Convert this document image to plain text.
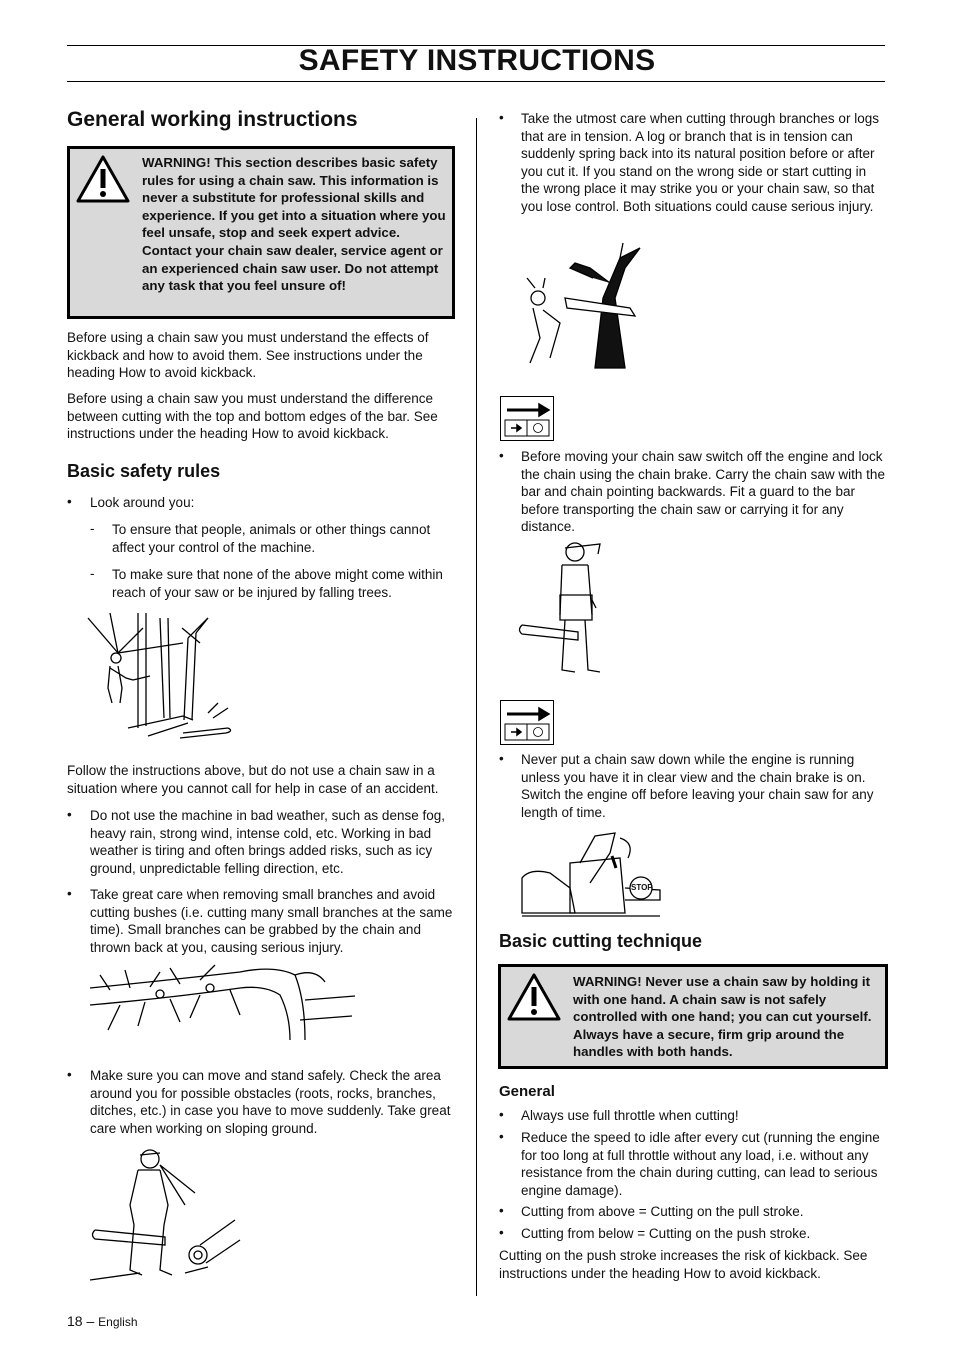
SAFETY INSTRUCTIONS
General working instructions
WARNING! This section describes basic safety rules for using a chain saw. This information is never a substitute for professional skills and experience. If you get into a situation where you feel unsafe, stop and seek expert advice. Contact your chain saw dealer, service agent or an experienced chain saw user. Do not attempt any task that you feel unsure of!

Before using a chain saw you must understand the effects of kickback and how to avoid them. See instructions under the heading How to avoid kickback.

Before using a chain saw you must understand the difference between cutting with the top and bottom edges of the bar. See instructions under the heading How to avoid kickback.

Basic safety rules
• Look around you:

- To ensure that people, animals or other things cannot affect your control of the machine.

- To make sure that none of the above might come within reach of your saw or be injured by falling trees.

Follow the instructions above, but do not use a chain saw in a situation where you cannot call for help in case of an accident.

• Do not use the machine in bad weather, such as dense fog, heavy rain, strong wind, intense cold, etc. Working in bad weather is tiring and often brings added risks, such as icy ground, unpredictable felling direction, etc.

• Take great care when removing small branches and avoid cutting bushes (i.e. cutting many small branches at the same time). Small branches can be grabbed by the chain and thrown back at you, causing serious injury.

• Make sure you can move and stand safely. Check the area around you for possible obstacles (roots, rocks, branches, ditches, etc.) in case you have to move suddenly. Take great care when working on sloping ground.

• Take the utmost care when cutting through branches or logs that are in tension. A log or branch that is in tension can suddenly spring back into its natural position before or after you cut it. If you stand on the wrong side or start cutting in the wrong place it may strike you or your chain saw, so that you lose control. Both situations could cause serious injury.

• Before moving your chain saw switch off the engine and lock the chain using the chain brake. Carry the chain saw with the bar and chain pointing backwards. Fit a guard to the bar before transporting the chain saw or carrying it for any distance.

• Never put a chain saw down while the engine is running unless you have it in clear view and the chain brake is on. Switch the engine off before leaving your chain saw for any length of time.

STOP
Basic cutting technique
WARNING! Never use a chain saw by holding it with one hand. A chain saw is not safely controlled with one hand; you can cut yourself. Always have a secure, firm grip around the handles with both hands.
General
• Always use full throttle when cutting!

• Reduce the speed to idle after every cut (running the engine for too long at full throttle without any load, i.e. without any resistance from the chain during cutting, can lead to serious engine damage).

• Cutting from above = Cutting on the pull stroke.

• Cutting from below = Cutting on the push stroke.

Cutting on the push stroke increases the risk of kickback. See instructions under the heading How to avoid kickback.

18 – English
